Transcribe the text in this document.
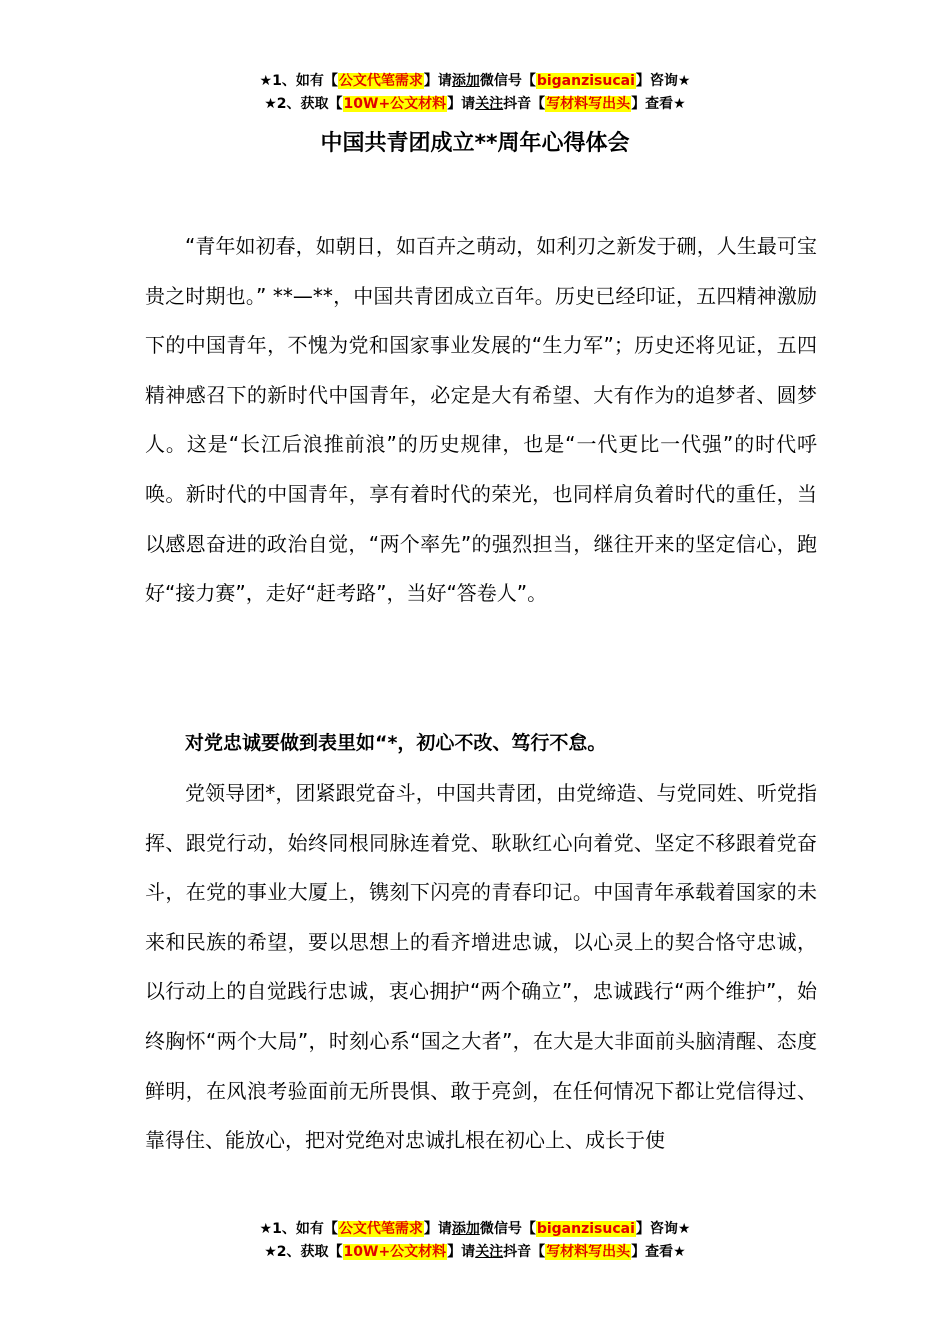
★1、如有【公文代笔需求】请添加微信号【biganzisucai】咨询★
★2、获取【10W+公文材料】请关注抖音【写材料写出头】查看★
中国共青团成立**周年心得体会

“青年如初春，如朝日，如百卉之萌动，如利刃之新发于硎，人生最可宝贵之时期也。” **—**，中国共青团成立百年。历史已经印证，五四精神激励下的中国青年，不愧为党和国家事业发展的“生力军”；历史还将见证，五四精神感召下的新时代中国青年，必定是大有希望、大有作为的追梦者、圆梦人。这是“长江后浪推前浪”的历史规律，也是“一代更比一代强”的时代呼唤。新时代的中国青年，享有着时代的荣光，也同样肩负着时代的重任，当以感恩奋进的政治自觉，“两个率先”的强烈担当，继往开来的坚定信心，跑好“接力赛”，走好“赶考路”，当好“答卷人”。

对党忠诚要做到表里如“*，初心不改、笃行不怠。

党领导团*，团紧跟党奋斗，中国共青团，由党缔造、与党同姓、听党指挥、跟党行动，始终同根同脉连着党、耿耿红心向着党、坚定不移跟着党奋斗，在党的事业大厦上，镌刻下闪亮的青春印记。中国青年承载着国家的未来和民族的希望，要以思想上的看齐增进忠诚，以心灵上的契合恪守忠诚，以行动上的自觉践行忠诚，衷心拥护“两个确立”，忠诚践行“两个维护”，始终胸怀“两个大局”，时刻心系“国之大者”，在大是大非面前头脑清醒、态度鲜明，在风浪考验面前无所畏惧、敢于亮剑，在任何情况下都让党信得过、靠得住、能放心，把对党绝对忠诚扎根在初心上、成长于使

★1、如有【公文代笔需求】请添加微信号【biganzisucai】咨询★
★2、获取【10W+公文材料】请关注抖音【写材料写出头】查看★
